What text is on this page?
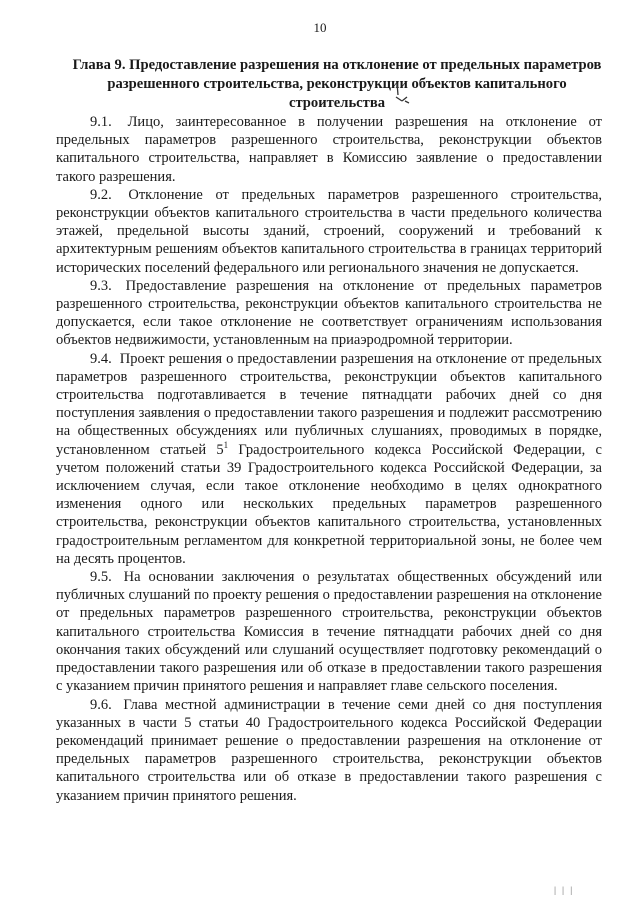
10
Глава 9. Предоставление разрешения на отклонение от предельных параметров разрешенного строительства, реконструкции объектов капитального строительства

9.1. Лицо, заинтересованное в получении разрешения на отклонение от предельных параметров разрешенного строительства, реконструкции объектов капитального строительства, направляет в Комиссию заявление о предоставлении такого разрешения.

9.2. Отклонение от предельных параметров разрешенного строительства, реконструкции объектов капитального строительства в части предельного количества этажей, предельной высоты зданий, строений, сооружений и требований к архитектурным решениям объектов капитального строительства в границах территорий исторических поселений федерального или регионального значения не допускается.

9.3. Предоставление разрешения на отклонение от предельных параметров разрешенного строительства, реконструкции объектов капитального строительства не допускается, если такое отклонение не соответствует ограничениям использования объектов недвижимости, установленным на приаэродромной территории.

9.4. Проект решения о предоставлении разрешения на отклонение от предельных параметров разрешенного строительства, реконструкции объектов капитального строительства подготавливается в течение пятнадцати рабочих дней со дня поступления заявления о предоставлении такого разрешения и подлежит рассмотрению на общественных обсуждениях или публичных слушаниях, проводимых в порядке, установленном статьей $5^1$ Градостроительного кодекса Российской Федерации, с учетом положений статьи 39 Градостроительного кодекса Российской Федерации, за исключением случая, если такое отклонение необходимо в целях однократного изменения одного или нескольких предельных параметров разрешенного строительства, реконструкции объектов капитального строительства, установленных градостроительным регламентом для конкретной территориальной зоны, не более чем на десять процентов.

9.5. На основании заключения о результатах общественных обсуждений или публичных слушаний по проекту решения о предоставлении разрешения на отклонение от предельных параметров разрешенного строительства, реконструкции объектов капитального строительства Комиссия в течение пятнадцати рабочих дней со дня окончания таких обсуждений или слушаний осуществляет подготовку рекомендаций о предоставлении такого разрешения или об отказе в предоставлении такого разрешения с указанием причин принятого решения и направляет главе сельского поселения.

9.6. Глава местной администрации в течение семи дней со дня поступления указанных в части 5 статьи 40 Градостроительного кодекса Российской Федерации рекомендаций принимает решение о предоставлении разрешения на отклонение от предельных параметров разрешенного строительства, реконструкции объектов капитального строительства или об отказе в предоставлении такого разрешения с указанием причин принятого решения.

| | |
